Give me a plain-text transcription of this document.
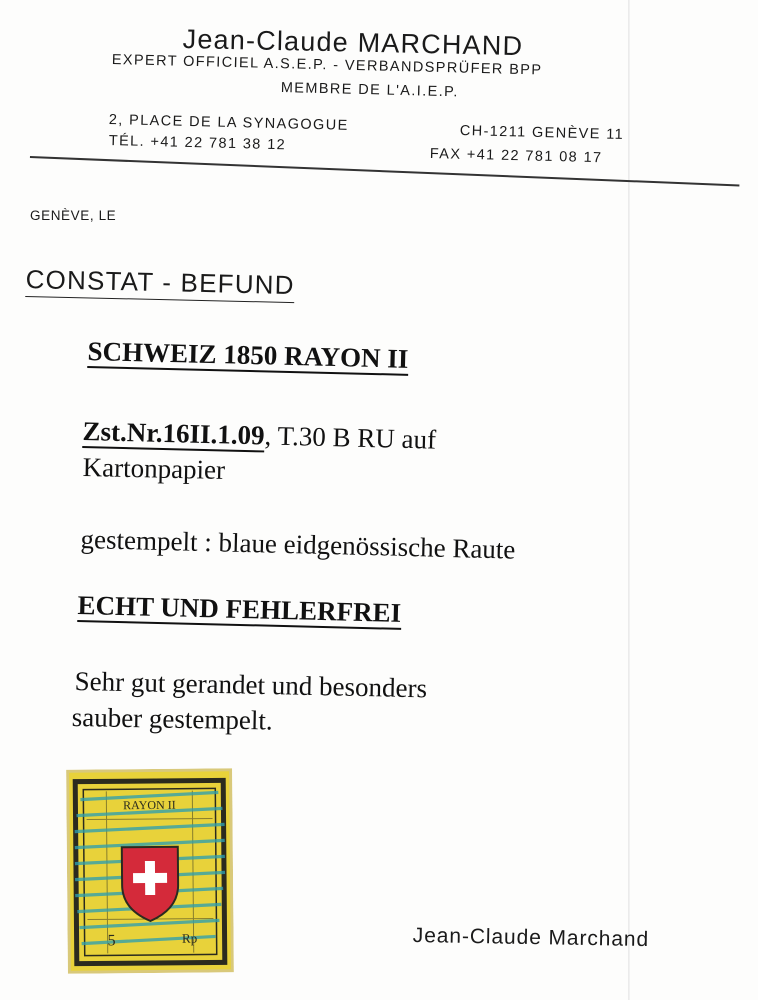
Jean-Claude MARCHAND
EXPERT OFFICIEL A.S.E.P. - VERBANDSPRÜFER BPP
MEMBRE DE L'A.I.E.P.
2, PLACE DE LA SYNAGOGUE	CH-1211 GENÈVE 11
TÉL. +41 22 781 38 12
FAX +41 22 781 08 17
GENÈVE, LE
CONSTAT - BEFUND
SCHWEIZ 1850 RAYON II
Zst.Nr.16II.1.09, T.30 B RU auf
Kartonpapier
gestempelt : blaue eidgenössische Raute
ECHT UND FEHLERFREI
Sehr gut gerandet und besonders
sauber gestempelt.
RAYON II
5	Rp	Jean-Claude Marchand
